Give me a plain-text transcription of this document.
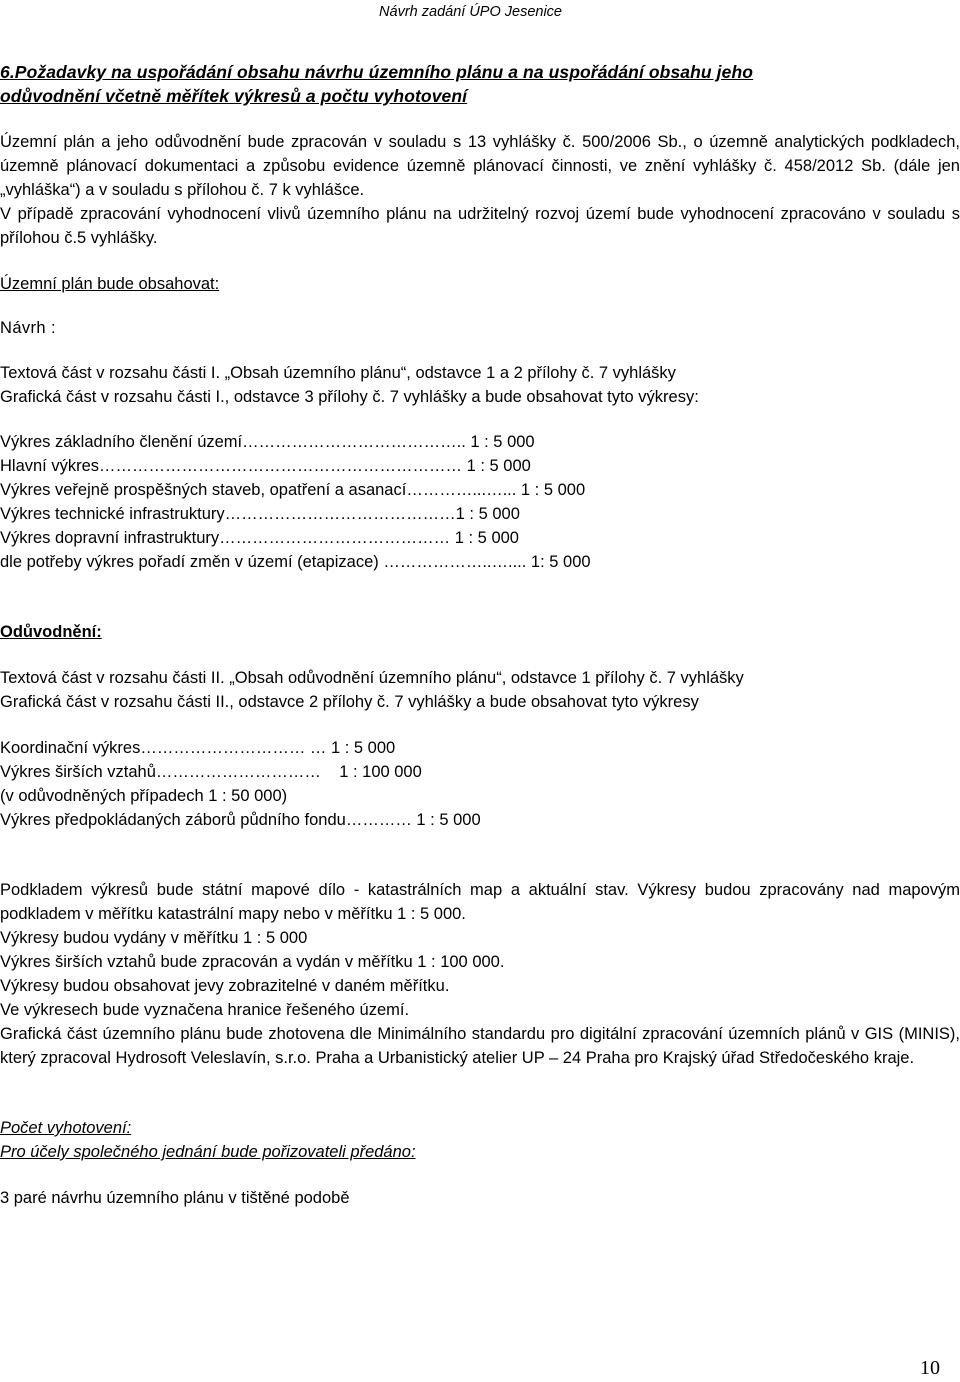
Návrh zadání ÚPO Jesenice
6.Požadavky na uspořádání obsahu návrhu územního plánu a na uspořádání obsahu jeho
odůvodnění včetně měřítek výkresů a počtu vyhotovení

Územní plán a jeho odůvodnění bude zpracován v souladu s 13 vyhlášky č. 500/2006 Sb., o územně analytických podkladech, územně plánovací dokumentaci a způsobu evidence územně plánovací činnosti, ve znění vyhlášky č. 458/2012 Sb. (dále jen „vyhláška“) a v souladu s přílohou č. 7 k vyhlášce.

V případě zpracování vyhodnocení vlivů územního plánu na udržitelný rozvoj území bude vyhodnocení zpracováno v souladu s přílohou č.5 vyhlášky.

Územní plán bude obsahovat:
Návrh :
Textová část v rozsahu části I. „Obsah územního plánu“, odstavce 1 a 2 přílohy č. 7 vyhlášky
Grafická část v rozsahu části I., odstavce 3 přílohy č. 7 vyhlášky a bude obsahovat tyto výkresy:
Výkres základního členění území………………………………….. 1 : 5 000
Hlavní výkres………………………………………………………… 1 : 5 000
Výkres veřejně prospěšných staveb, opatření a asanací…………...…... 1 : 5 000
Výkres technické infrastruktury……………………………………1 : 5 000
Výkres dopravní infrastruktury…………………………………… 1 : 5 000
dle potřeby výkres pořadí změn v území (etapizace) ………………..….... 1: 5 000
Odůvodnění:
Textová část v rozsahu části II. „Obsah odůvodnění územního plánu“, odstavce 1 přílohy č. 7 vyhlášky
Grafická část v rozsahu části II., odstavce 2 přílohy č. 7 vyhlášky a bude obsahovat tyto výkresy
Koordinační výkres………………………… … 1 : 5 000
Výkres širších vztahů…………………………    1 : 100 000
(v odůvodněných případech 1 : 50 000)
Výkres předpokládaných záborů půdního fondu………… 1 : 5 000

Podkladem výkresů bude státní mapové dílo - katastrálních map a aktuální stav. Výkresy budou zpracovány nad mapovým podkladem v měřítku katastrální mapy nebo v měřítku 1 : 5 000.

Výkresy budou vydány v měřítku 1 : 5 000
Výkres širších vztahů bude zpracován a vydán v měřítku 1 : 100 000.
Výkresy budou obsahovat jevy zobrazitelné v daném měřítku.
Ve výkresech bude vyznačena hranice řešeného území.

Grafická část územního plánu bude zhotovena dle Minimálního standardu pro digitální zpracování územních plánů v GIS (MINIS), který zpracoval Hydrosoft Veleslavín, s.r.o. Praha a Urbanistický atelier UP – 24 Praha pro Krajský úřad Středočeského kraje.

Počet vyhotovení:
Pro účely společného jednání bude pořizovateli předáno:
3 paré návrhu územního plánu v tištěné podobě
10
